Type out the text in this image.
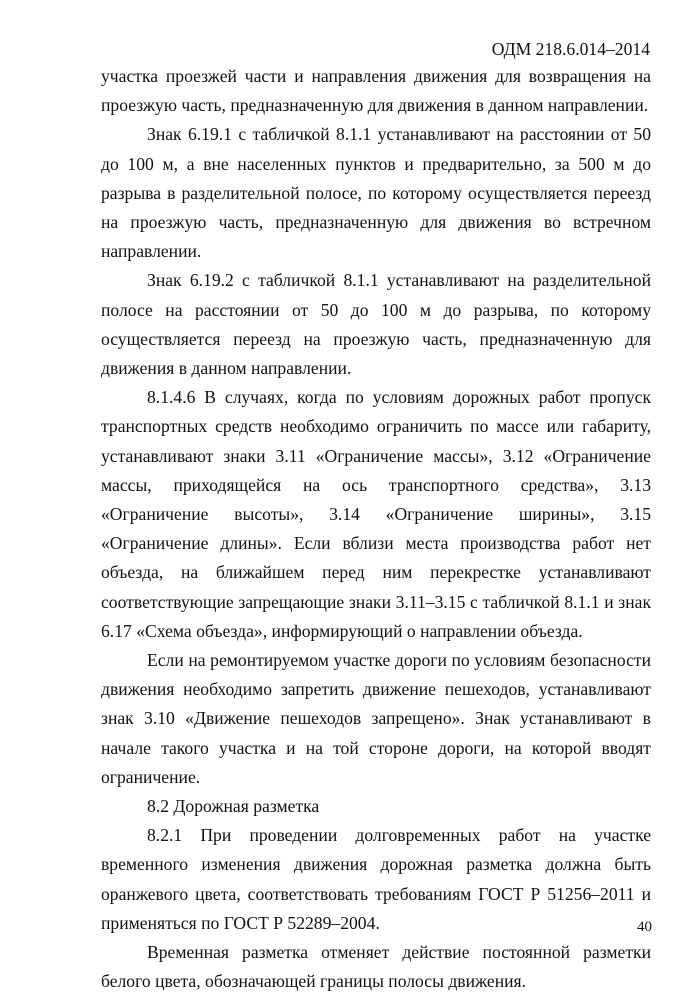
ОДМ 218.6.014–2014

участка проезжей части и направления движения для возвращения на проезжую часть, предназначенную для движения в данном направлении.

Знак 6.19.1 с табличкой 8.1.1 устанавливают на расстоянии от 50 до 100 м, а вне населенных пунктов и предварительно, за 500 м до разрыва в разделительной полосе, по которому осуществляется переезд на проезжую часть, предназначенную для движения во встречном направлении.

Знак 6.19.2 с табличкой 8.1.1 устанавливают на разделительной полосе на расстоянии от 50 до 100 м до разрыва, по которому осуществляется переезд на проезжую часть, предназначенную для движения в данном направлении.

8.1.4.6 В случаях, когда по условиям дорожных работ пропуск транспортных средств необходимо ограничить по массе или габариту, устанавливают знаки 3.11 «Ограничение массы», 3.12 «Ограничение массы, приходящейся на ось транспортного средства», 3.13 «Ограничение высоты», 3.14 «Ограничение ширины», 3.15 «Ограничение длины». Если вблизи места производства работ нет объезда, на ближайшем перед ним перекрестке устанавливают соответствующие запрещающие знаки 3.11–3.15 с табличкой 8.1.1 и знак 6.17 «Схема объезда», информирующий о направлении объезда.

Если на ремонтируемом участке дороги по условиям безопасности движения необходимо запретить движение пешеходов, устанавливают знак 3.10 «Движение пешеходов запрещено». Знак устанавливают в начале такого участка и на той стороне дороги, на которой вводят ограничение.

8.2 Дорожная разметка

8.2.1 При проведении долговременных работ на участке временного изменения движения дорожная разметка должна быть оранжевого цвета, соответствовать требованиям ГОСТ Р 51256–2011 и применяться по ГОСТ Р 52289–2004.

Временная разметка отменяет действие постоянной разметки белого цвета, обозначающей границы полосы движения.

40
